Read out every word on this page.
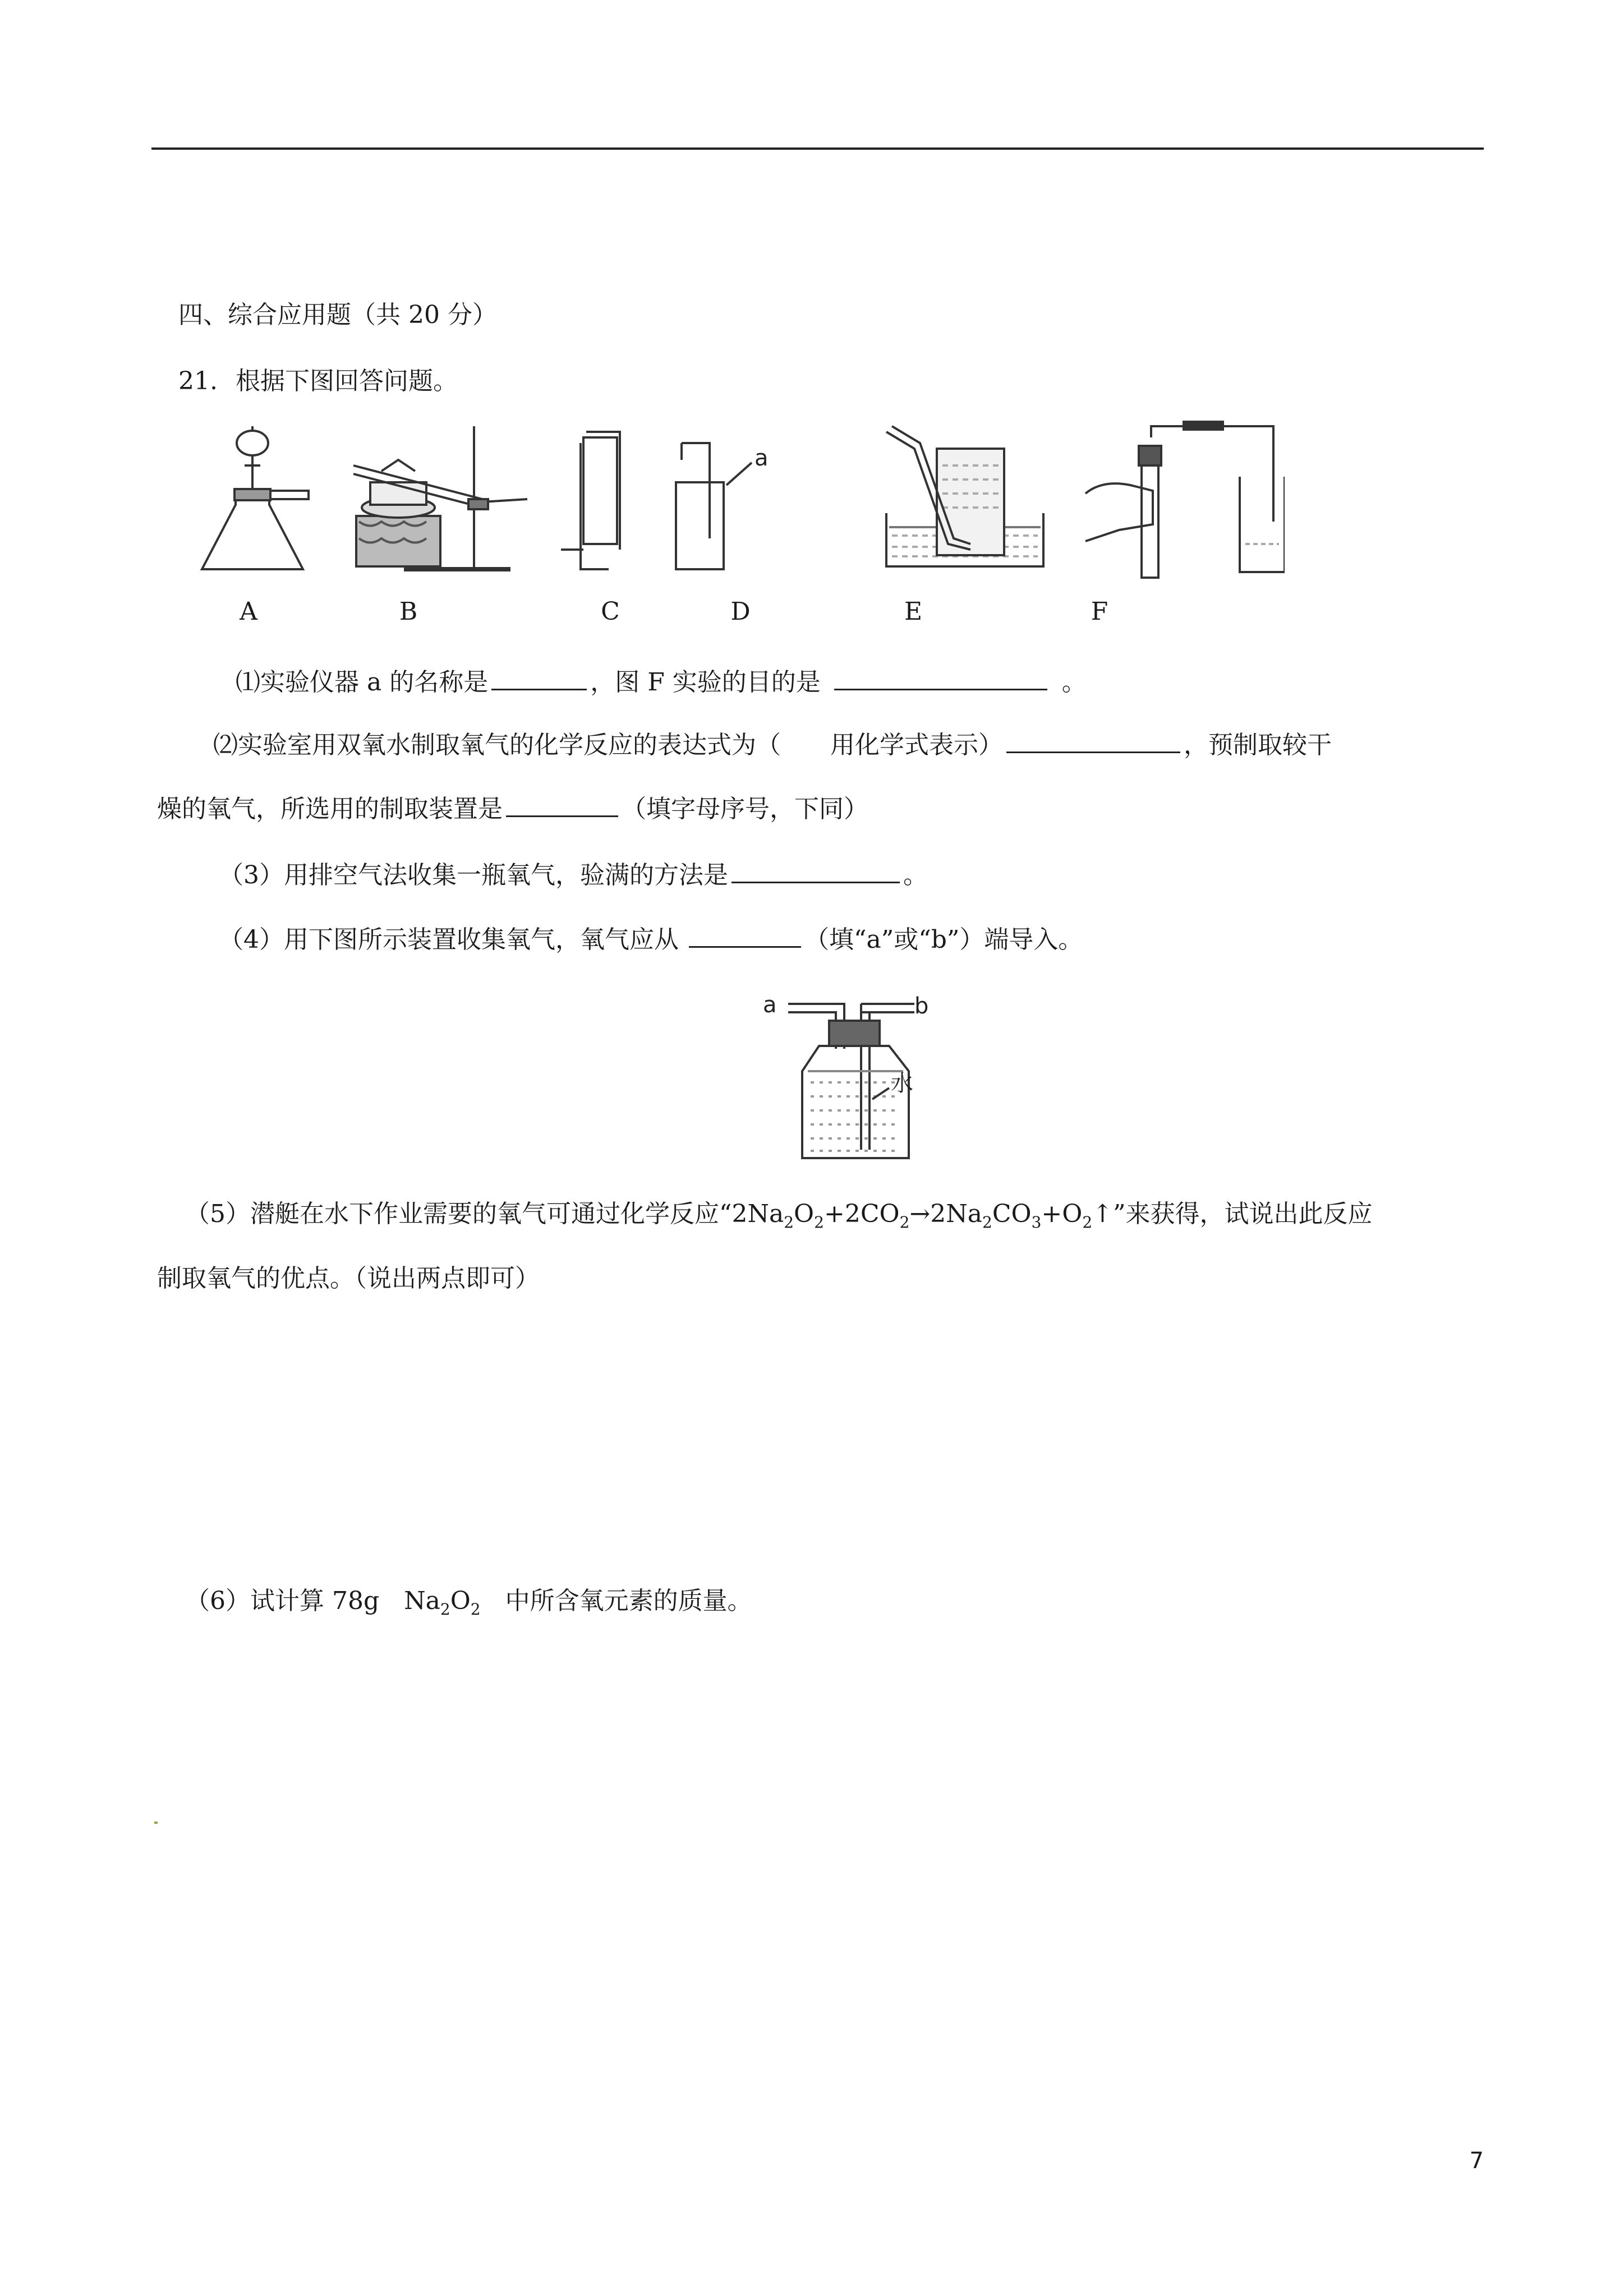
四、综合应用题（共 20 分）
21. 根据下图回答问题。
a
A	B	C	D	E	F
⑴实验仪器 a 的名称是	，图 F 实验的目的是	。
⑵实验室用双氧水制取氧气的化学反应的表达式为（　　用化学式表示）	，预制取较干
燥的氧气，所选用的制取装置是	（填字母序号，下同）
（3）用排空气法收集一瓶氧气，验满的方法是	。
（4）用下图所示装置收集氧气，氧气应从	（填“a”或“b”）端导入。
a	b
水
（5）潜艇在水下作业需要的氧气可通过化学反应“$2Na_2O_2+2CO_2\to 2Na_2CO_3+O_2↑$”来获得，试说出此反应
制取氧气的优点。（说出两点即可）
（6）试计算 78g　$Na_2O_2$　中所含氧元素的质量。
7
